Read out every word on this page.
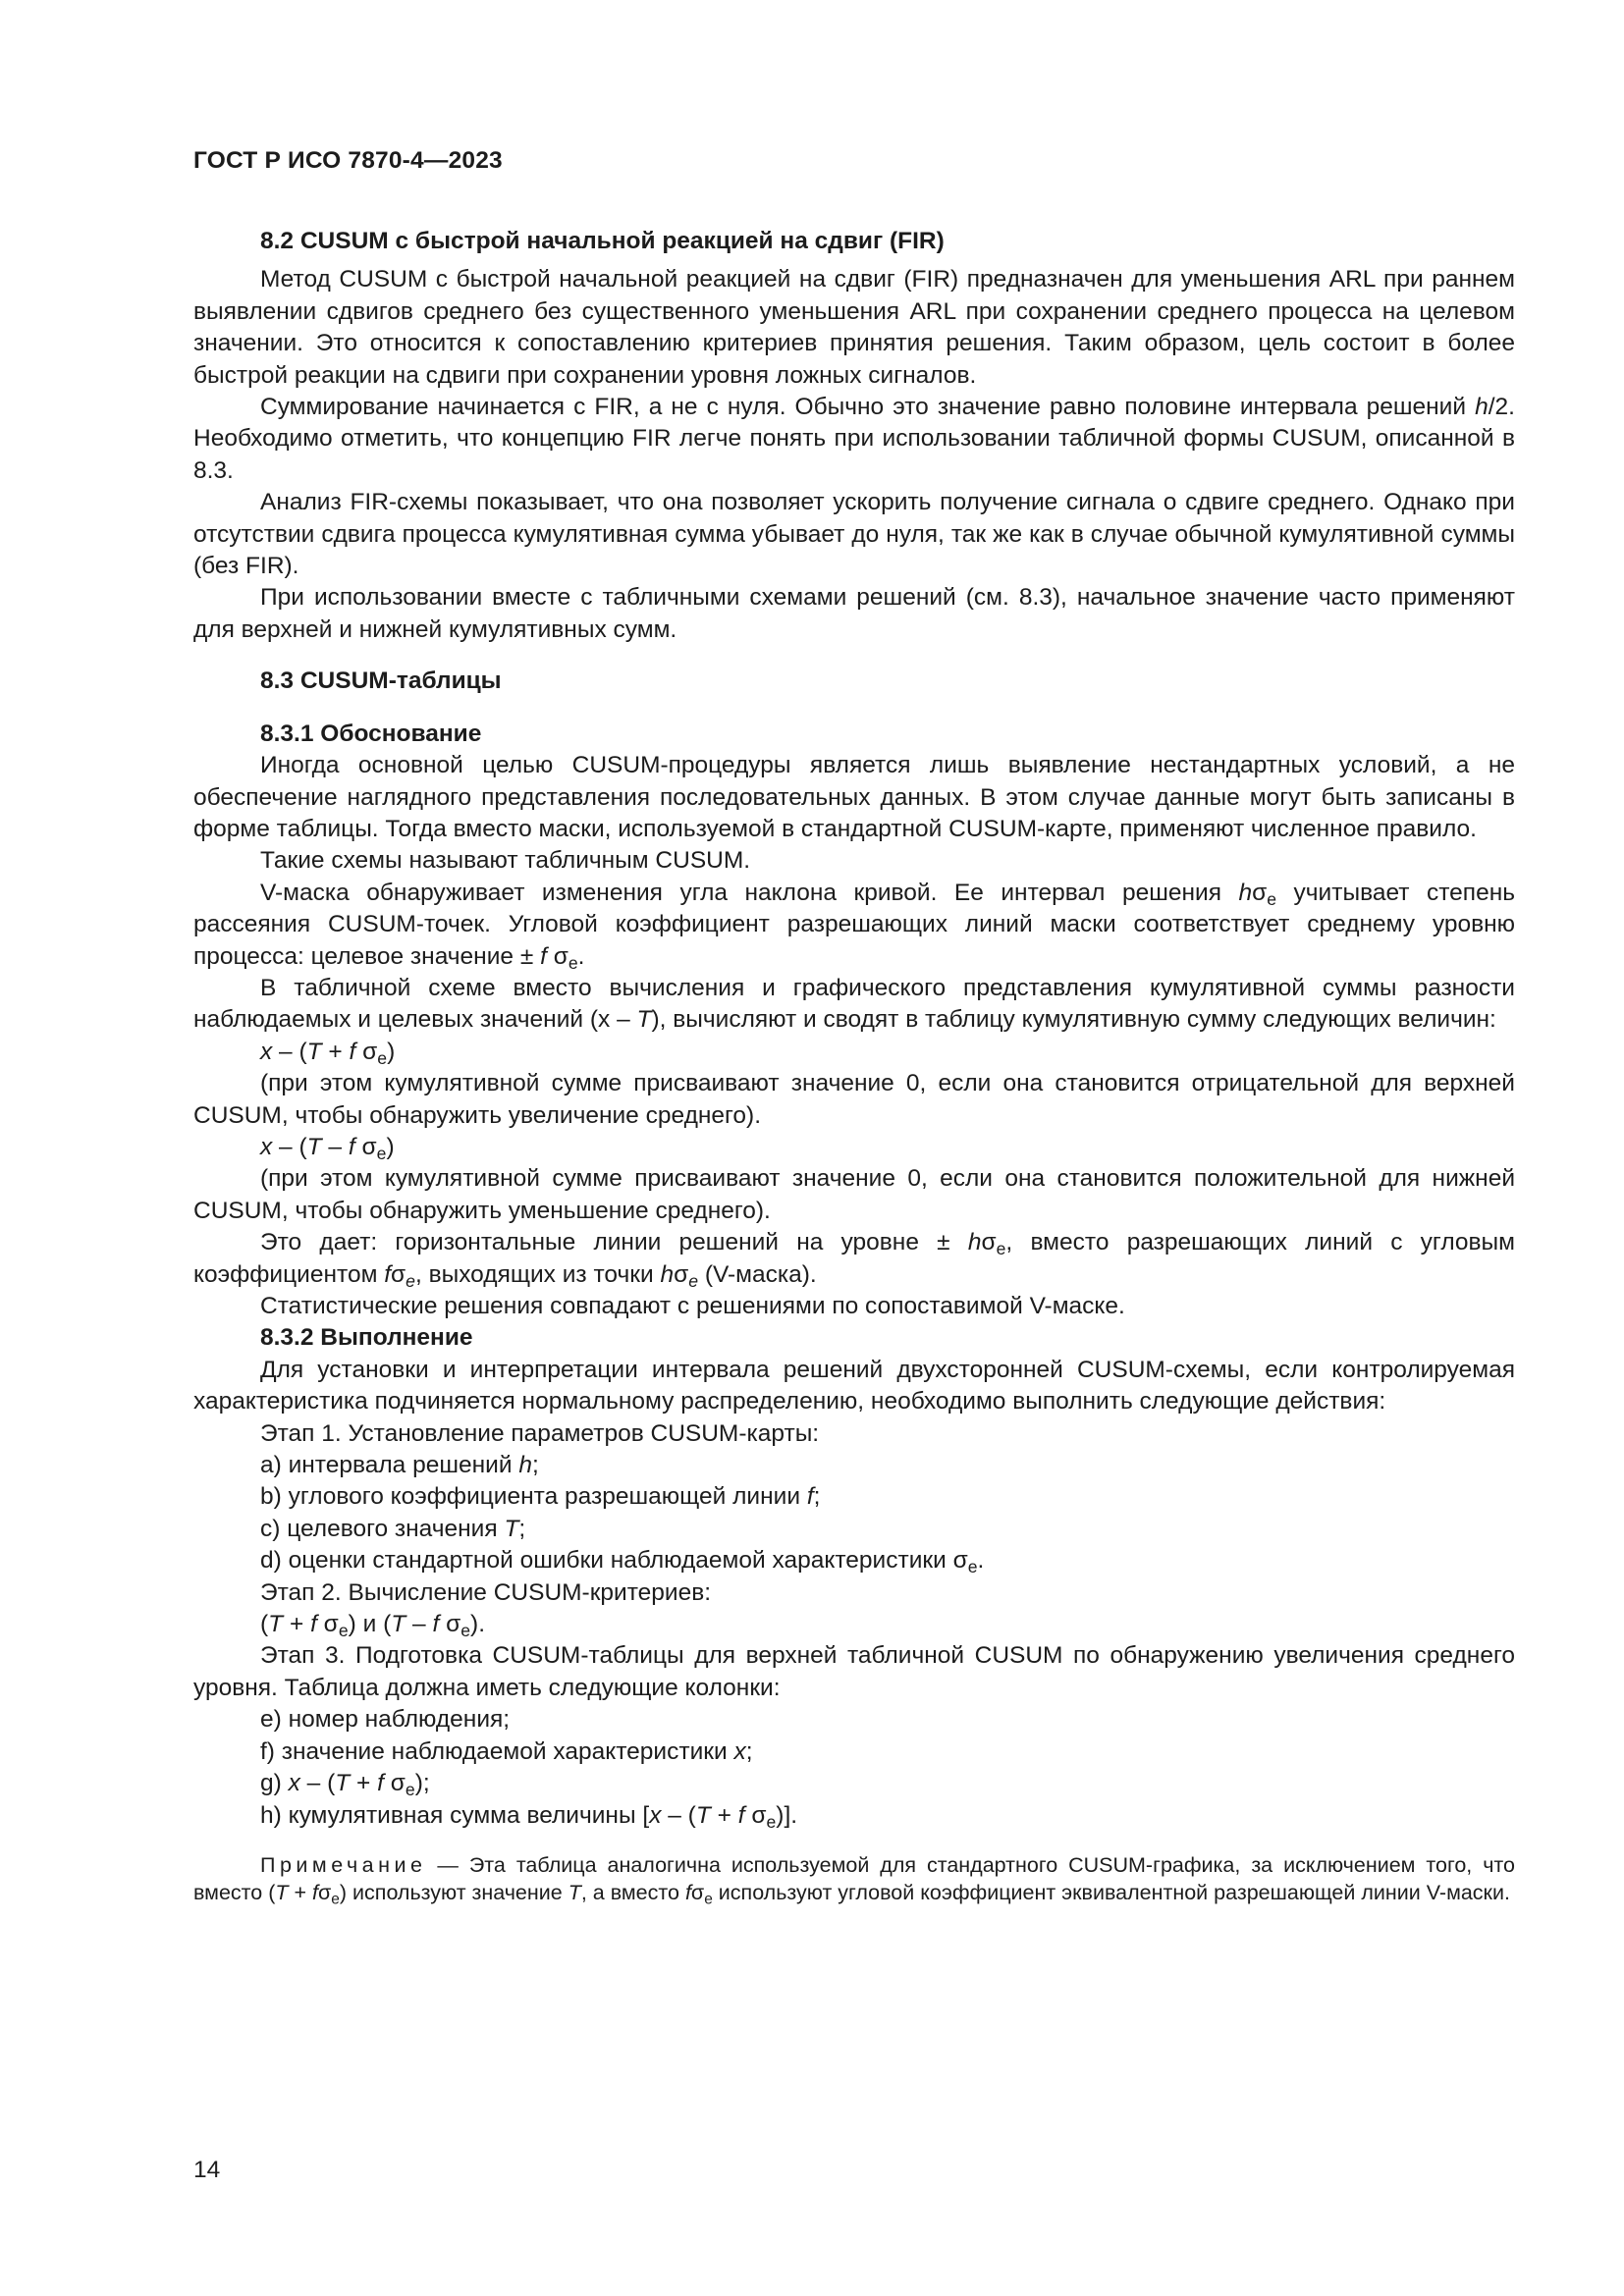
ГОСТ Р ИСО 7870-4—2023
8.2 CUSUM с быстрой начальной реакцией на сдвиг (FIR)

Метод CUSUM с быстрой начальной реакцией на сдвиг (FIR) предназначен для уменьшения ARL при раннем выявлении сдвигов среднего без существенного уменьшения ARL при сохранении среднего процесса на целевом значении. Это относится к сопоставлению критериев принятия решения. Таким образом, цель состоит в более быстрой реакции на сдвиги при сохранении уровня ложных сигналов.

Суммирование начинается с FIR, а не с нуля. Обычно это значение равно половине интервала решений h/2. Необходимо отметить, что концепцию FIR легче понять при использовании табличной формы CUSUM, описанной в 8.3.

Анализ FIR-схемы показывает, что она позволяет ускорить получение сигнала о сдвиге среднего. Однако при отсутствии сдвига процесса кумулятивная сумма убывает до нуля, так же как в случае обычной кумулятивной суммы (без FIR).

При использовании вместе с табличными схемами решений (см. 8.3), начальное значение часто применяют для верхней и нижней кумулятивных сумм.

8.3 CUSUM-таблицы
8.3.1 Обоснование

Иногда основной целью CUSUM-процедуры является лишь выявление нестандартных условий, а не обеспечение наглядного представления последовательных данных. В этом случае данные могут быть записаны в форме таблицы. Тогда вместо маски, используемой в стандартной CUSUM-карте, применяют численное правило.

Такие схемы называют табличным CUSUM.

V-маска обнаруживает изменения угла наклона кривой. Ее интервал решения $h\sigma_e$ учитывает степень рассеяния CUSUM-точек. Угловой коэффициент разрешающих линий маски соответствует среднему уровню процесса: целевое значение ± f $\sigma_e$.

В табличной схеме вместо вычисления и графического представления кумулятивной суммы разности наблюдаемых и целевых значений (x – T), вычисляют и сводят в таблицу кумулятивную сумму следующих величин:

x – (T + f $\sigma_e$)

(при этом кумулятивной сумме присваивают значение 0, если она становится отрицательной для верхней CUSUM, чтобы обнаружить увеличение среднего).

x – (T – f $\sigma_e$)

(при этом кумулятивной сумме присваивают значение 0, если она становится положительной для нижней CUSUM, чтобы обнаружить уменьшение среднего).

Это дает: горизонтальные линии решений на уровне ± $h\sigma_e$, вместо разрешающих линий с угловым коэффициентом $f\sigma_e$, выходящих из точки $h\sigma_e$ (V-маска).

Статистические решения совпадают с решениями по сопоставимой V-маске.

8.3.2 Выполнение

Для установки и интерпретации интервала решений двухсторонней CUSUM-схемы, если контролируемая характеристика подчиняется нормальному распределению, необходимо выполнить следующие действия:

Этап 1. Установление параметров CUSUM-карты:

a) интервала решений h;

b) углового коэффициента разрешающей линии f;

c) целевого значения T;

d) оценки стандартной ошибки наблюдаемой характеристики $\sigma_e$.

Этап 2. Вычисление CUSUM-критериев:

(T + f $\sigma_e$) и (T – f $\sigma_e$).

Этап 3. Подготовка CUSUM-таблицы для верхней табличной CUSUM по обнаружению увеличения среднего уровня. Таблица должна иметь следующие колонки:

e) номер наблюдения;

f) значение наблюдаемой характеристики x;

g) x – (T + f $\sigma_e$);

h) кумулятивная сумма величины [x – (T + f $\sigma_e$)].

Примечание — Эта таблица аналогична используемой для стандартного CUSUM-графика, за исключением того, что вместо $(T + f\sigma_e)$ используют значение T, а вместо $f\sigma_e$ используют угловой коэффициент эквивалентной разрешающей линии V-маски.

14
